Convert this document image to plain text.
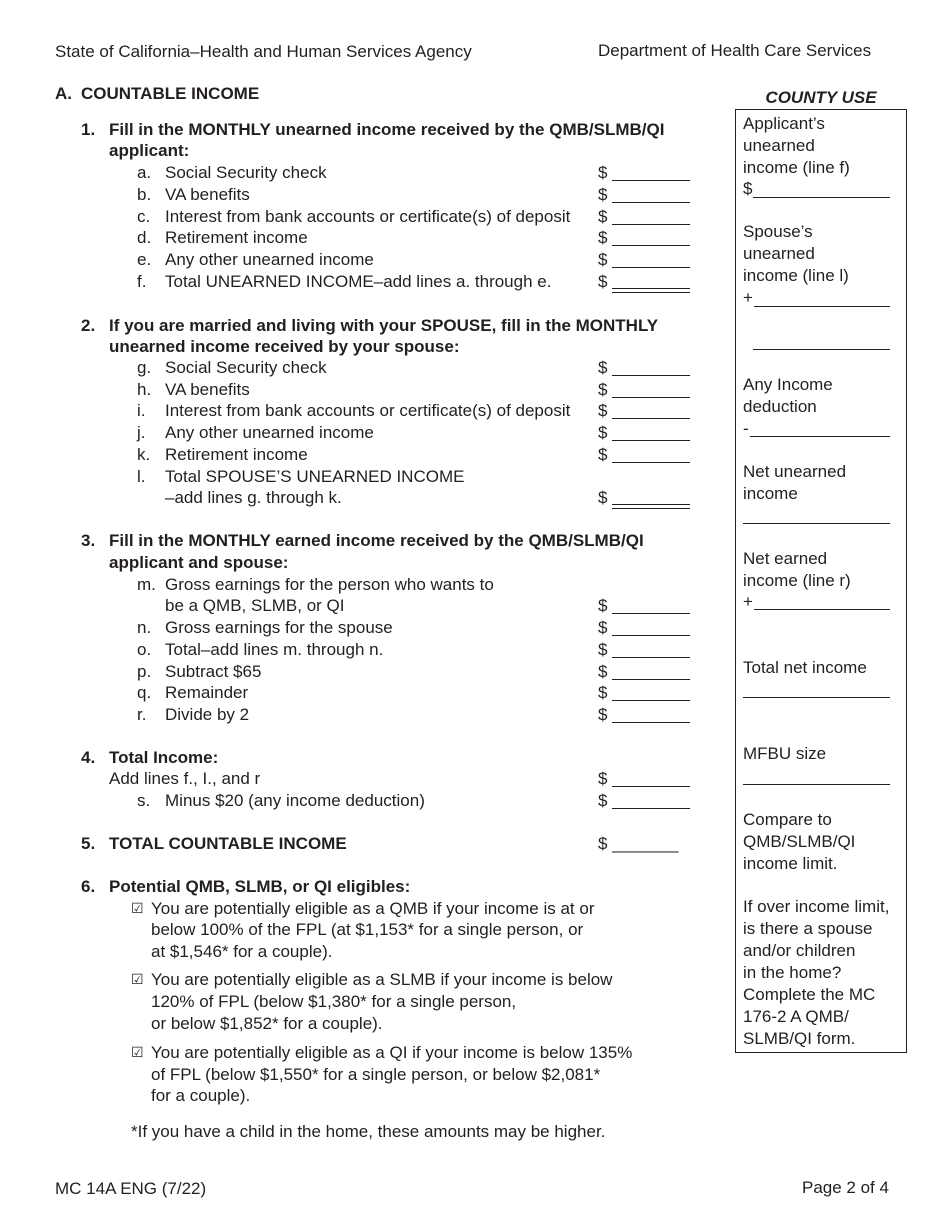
State of California–Health and Human Services Agency	Department of Health Care Services
A. COUNTABLE INCOME
1. Fill in the MONTHLY unearned income received by the QMB/SLMB/QI
applicant:
a. Social Security check	$
b. VA benefits	$
c. Interest from bank accounts or certificate(s) of deposit $
d. Retirement income	$
e. Any other unearned income	$
f. Total UNEARNED INCOME–add lines a. through e.	$
2. If you are married and living with your SPOUSE, fill in the MONTHLY
unearned income received by your spouse:
g. Social Security check	$
h. VA benefits	$
i. Interest from bank accounts or certificate(s) of deposit $
j. Any other unearned income	$
k. Retirement income	$
l. Total SPOUSE’S UNEARNED INCOME
–add lines g. through k.	$
3. Fill in the MONTHLY earned income received by the QMB/SLMB/QI
applicant and spouse:
m. Gross earnings for the person who wants to
be a QMB, SLMB, or QI	$
n. Gross earnings for the spouse	$
o. Total–add lines m. through n.	$
p. Subtract $65	$
q. Remainder	$
r. Divide by 2	$
4. Total Income:
Add lines f., I., and r	$
s. Minus $20 (any income deduction)	$
5. TOTAL COUNTABLE INCOME	$ _______
6. Potential QMB, SLMB, or QI eligibles:
☑ You are potentially eligible as a QMB if your income is at or
below 100% of the FPL (at $1,153* for a single person, or
at $1,546* for a couple).
☑ You are potentially eligible as a SLMB if your income is below
120% of FPL (below $1,380* for a single person,
or below $1,852* for a couple).
☑ You are potentially eligible as a QI if your income is below 135%
of FPL (below $1,550* for a single person, or below $2,081*
for a couple).
*If you have a child in the home, these amounts may be higher.
COUNTY USE
Applicant’s
unearned
income (line f)
$
Spouse’s
unearned
income (line l)
+
Any Income
deduction
-
Net unearned
income
Net earned
income (line r)
+
Total net income
MFBU size
Compare to
QMB/SLMB/QI
income limit.
If over income limit,
is there a spouse
and/or children
in the home?
Complete the MC
176-2 A QMB/
SLMB/QI form.
MC 14A ENG (7/22)	Page 2 of 4
